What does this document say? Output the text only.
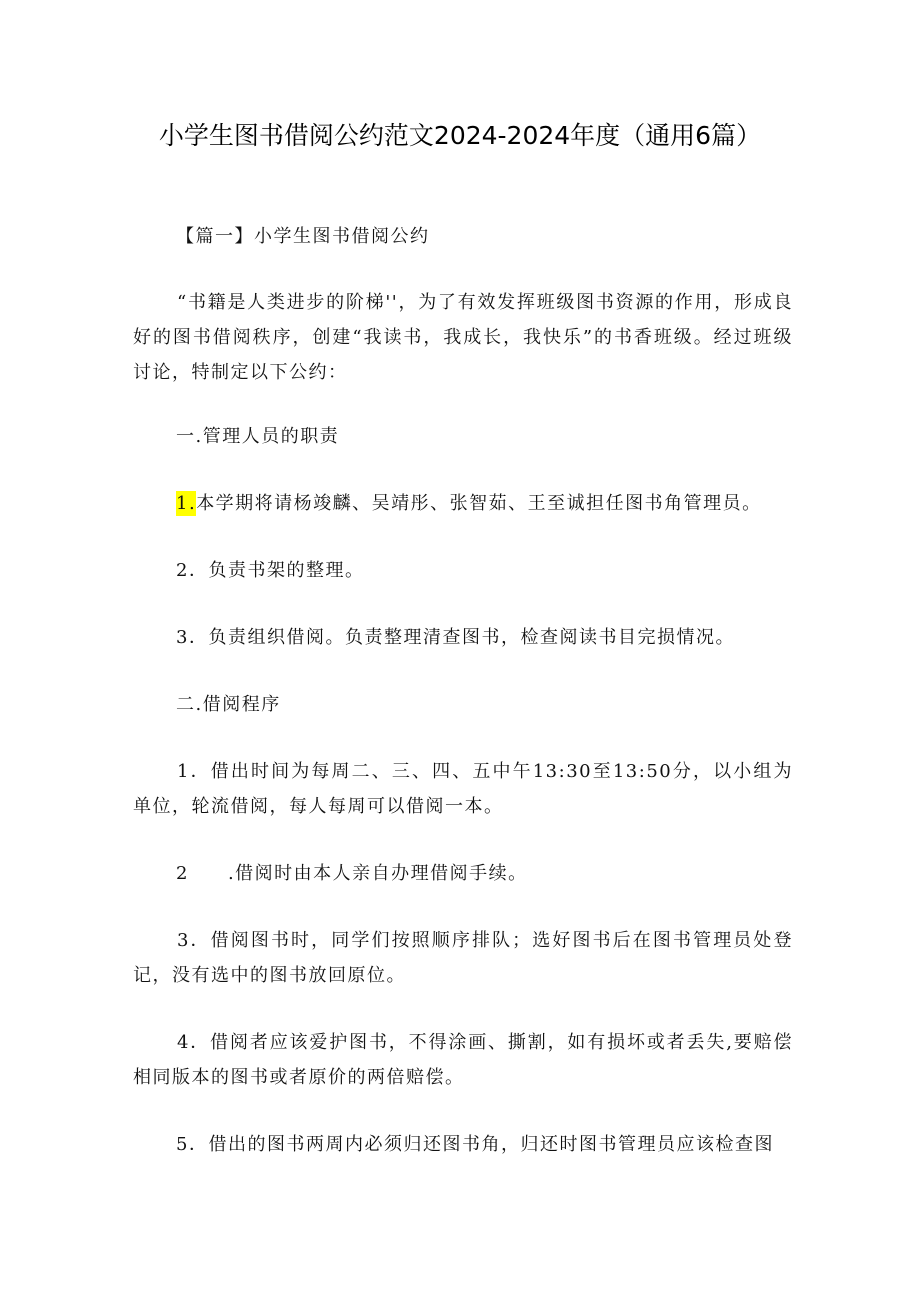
小学生图书借阅公约范文2024-2024年度（通用6篇）

【篇一】小学生图书借阅公约

“书籍是人类进步的阶梯''，为了有效发挥班级图书资源的作用，形成良好的图书借阅秩序，创建“我读书，我成长，我快乐”的书香班级。经过班级讨论，特制定以下公约：

一.管理人员的职责

1.本学期将请杨竣麟、吴靖彤、张智茹、王至诚担任图书角管理员。

2．负责书架的整理。

3．负责组织借阅。负责整理清查图书，检查阅读书目完损情况。

二.借阅程序

1．借出时间为每周二、三、四、五中午13:30至13:50分，以小组为单位，轮流借阅，每人每周可以借阅一本。

2　　.借阅时由本人亲自办理借阅手续。

3．借阅图书时，同学们按照顺序排队；选好图书后在图书管理员处登记，没有选中的图书放回原位。

4．借阅者应该爱护图书，不得涂画、撕割，如有损坏或者丢失,要赔偿相同版本的图书或者原价的两倍赔偿。

5．借出的图书两周内必须归还图书角，归还时图书管理员应该检查图
